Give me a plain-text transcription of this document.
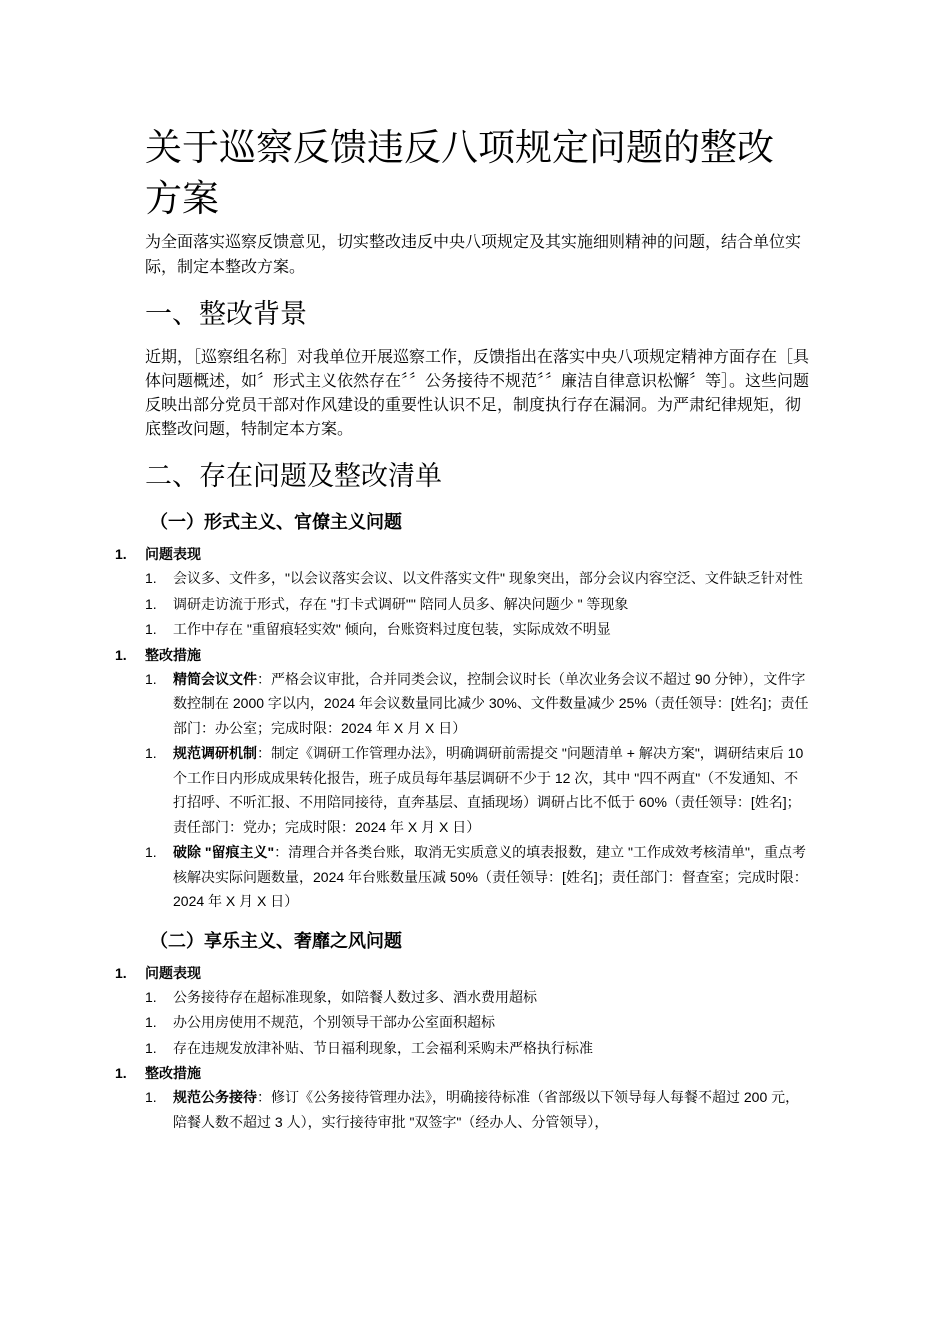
关于巡察反馈违反八项规定问题的整改方案

为全面落实巡察反馈意见，切实整改违反中央八项规定及其实施细则精神的问题，结合单位实际，制定本整改方案。

一、整改背景

近期，［巡察组名称］对我单位开展巡察工作，反馈指出在落实中央八项规定精神方面存在［具体问题概述，如〞形式主义依然存在〞〞公务接待不规范〞〞廉洁自律意识松懈〞等］。这些问题反映出部分党员干部对作风建设的重要性认识不足，制度执行存在漏洞。为严肃纪律规矩，彻底整改问题，特制定本方案。

二、存在问题及整改清单
（一）形式主义、官僚主义问题
1. 问题表现
1. 会议多、文件多，"以会议落实会议、以文件落实文件" 现象突出，部分会议内容空泛、文件缺乏针对性
1. 调研走访流于形式，存在 "打卡式调研"" 陪同人员多、解决问题少 " 等现象
1. 工作中存在 "重留痕轻实效" 倾向，台账资料过度包装，实际成效不明显
1. 整改措施
1. 精简会议文件：严格会议审批，合并同类会议，控制会议时长（单次业务会议不超过 90 分钟），文件字数控制在 2000 字以内，2024 年会议数量同比减少 30%、文件数量减少 25%（责任领导：[姓名]；责任部门：办公室；完成时限：2024 年 X 月 X 日）
1. 规范调研机制：制定《调研工作管理办法》，明确调研前需提交 "问题清单 + 解决方案"，调研结束后 10 个工作日内形成成果转化报告，班子成员每年基层调研不少于 12 次，其中 "四不两直"（不发通知、不打招呼、不听汇报、不用陪同接待，直奔基层、直插现场）调研占比不低于 60%（责任领导：[姓名]；责任部门：党办；完成时限：2024 年 X 月 X 日）
1. 破除 "留痕主义"：清理合并各类台账，取消无实质意义的填表报数，建立 "工作成效考核清单"，重点考核解决实际问题数量，2024 年台账数量压减 50%（责任领导：[姓名]；责任部门：督查室；完成时限：2024 年 X 月 X 日）
（二）享乐主义、奢靡之风问题
1. 问题表现
1. 公务接待存在超标准现象，如陪餐人数过多、酒水费用超标
1. 办公用房使用不规范，个别领导干部办公室面积超标
1. 存在违规发放津补贴、节日福利现象，工会福利采购未严格执行标准
1. 整改措施
1. 规范公务接待：修订《公务接待管理办法》，明确接待标准（省部级以下领导每人每餐不超过 200 元，陪餐人数不超过 3 人），实行接待审批 "双签字"（经办人、分管领导），
